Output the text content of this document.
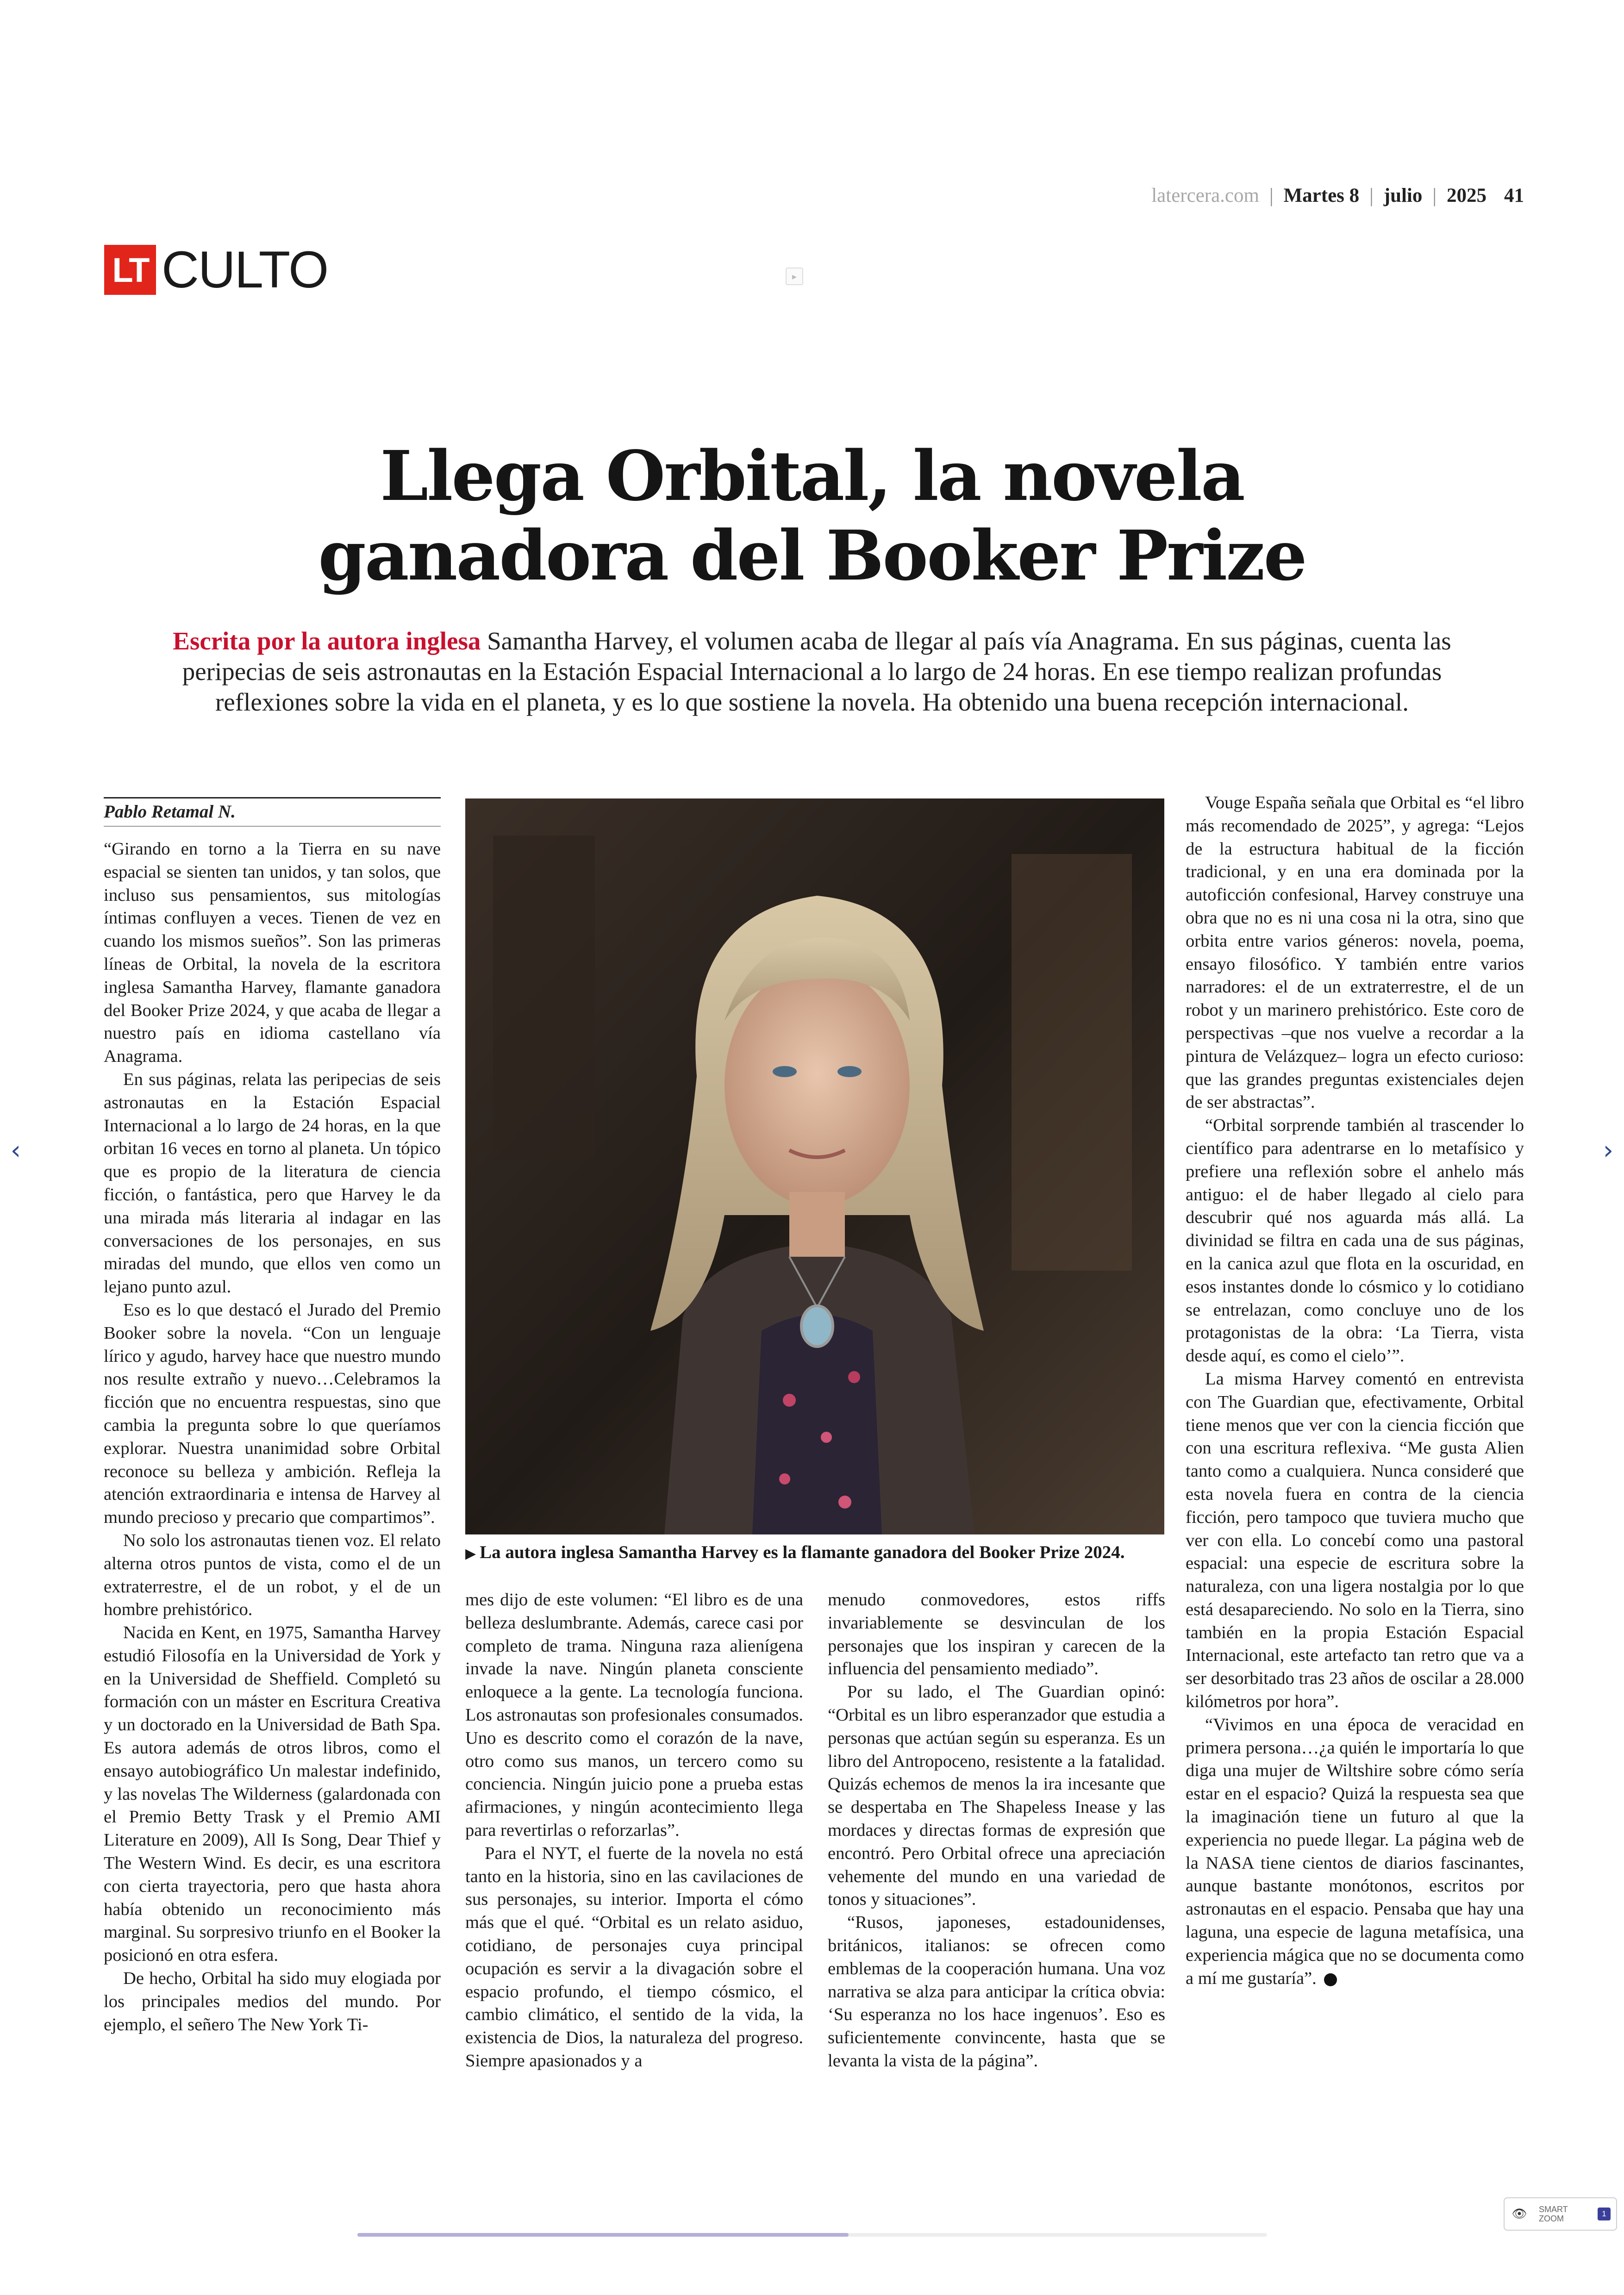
latercera.com | Martes 8 | julio | 2025 41
LT CULTO	▸
Llega Orbital, la novela
ganadora del Booker Prize
Escrita por la autora inglesa Samantha Harvey, el volumen acaba de llegar al país vía Anagrama. En sus páginas, cuenta las
peripecias de seis astronautas en la Estación Espacial Internacional a lo largo de 24 horas. En ese tiempo realizan profundas
reflexiones sobre la vida en el planeta, y es lo que sostiene la novela. Ha obtenido una buena recepción internacional.
Pablo Retamal N.

“Girando en torno a la Tierra en su nave espacial se sienten tan unidos, y tan solos, que incluso sus pensamientos, sus mitologías íntimas confluyen a veces. Tienen de vez en cuando los mismos sueños”. Son las primeras líneas de Orbital, la novela de la escritora inglesa Samantha Harvey, flamante ganadora del Booker Prize 2024, y que acaba de llegar a nuestro país en idioma castellano vía Anagrama.

En sus páginas, relata las peripecias de seis astronautas en la Estación Espacial Internacional a lo largo de 24 horas, en la que orbitan 16 veces en torno al planeta. Un tópico que es propio de la literatura de ciencia ficción, o fantástica, pero que Harvey le da una mirada más literaria al indagar en las conversaciones de los personajes, en sus miradas del mundo, que ellos ven como un lejano punto azul.

Eso es lo que destacó el Jurado del Premio Booker sobre la novela. “Con un lenguaje lírico y agudo, harvey hace que nuestro mundo nos resulte extraño y nuevo…Celebramos la ficción que no encuentra respuestas, sino que cambia la pregunta sobre lo que queríamos explorar. Nuestra unanimidad sobre Orbital reconoce su belleza y ambición. Refleja la atención extraordinaria e intensa de Harvey al mundo precioso y precario que compartimos”.

No solo los astronautas tienen voz. El relato alterna otros puntos de vista, como el de un extraterrestre, el de un robot, y el de un hombre prehistórico.

Nacida en Kent, en 1975, Samantha Harvey estudió Filosofía en la Universidad de York y en la Universidad de Sheffield. Completó su formación con un máster en Escritura Creativa y un doctorado en la Universidad de Bath Spa. Es autora además de otros libros, como el ensayo autobiográfico Un malestar indefinido, y las novelas The Wilderness (galardonada con el Premio Betty Trask y el Premio AMI Literature en 2009), All Is Song, Dear Thief y The Western Wind. Es decir, es una escritora con cierta trayectoria, pero que hasta ahora había obtenido un reconocimiento más marginal. Su sorpresivo triunfo en el Booker la posicionó en otra esfera.

De hecho, Orbital ha sido muy elogiada por los principales medios del mundo. Por ejemplo, el señero The New York Ti-

▶ La autora inglesa Samantha Harvey es la flamante ganadora del Booker Prize 2024.

mes dijo de este volumen: “El libro es de una belleza deslumbrante. Además, carece casi por completo de trama. Ninguna raza alienígena invade la nave. Ningún planeta consciente enloquece a la gente. La tecnología funciona. Los astronautas son profesionales consumados. Uno es descrito como el corazón de la nave, otro como sus manos, un tercero como su conciencia. Ningún juicio pone a prueba estas afirmaciones, y ningún acontecimiento llega para revertirlas o reforzarlas”.

Para el NYT, el fuerte de la novela no está tanto en la historia, sino en las cavilaciones de sus personajes, su interior. Importa el cómo más que el qué. “Orbital es un relato asiduo, cotidiano, de personajes cuya principal ocupación es servir a la divagación sobre el espacio profundo, el tiempo cósmico, el cambio climático, el sentido de la vida, la existencia de Dios, la naturaleza del progreso. Siempre apasionados y a

menudo conmovedores, estos riffs invariablemente se desvinculan de los personajes que los inspiran y carecen de la influencia del pensamiento mediado”.

Por su lado, el The Guardian opinó: “Orbital es un libro esperanzador que estudia a personas que actúan según su esperanza. Es un libro del Antropoceno, resistente a la fatalidad. Quizás echemos de menos la ira incesante que se despertaba en The Shapeless Inease y las mordaces y directas formas de expresión que encontró. Pero Orbital ofrece una apreciación vehemente del mundo en una variedad de tonos y situaciones”.

“Rusos, japoneses, estadounidenses, británicos, italianos: se ofrecen como emblemas de la cooperación humana. Una voz narrativa se alza para anticipar la crítica obvia: ‘Su esperanza no los hace ingenuos’. Eso es suficientemente convincente, hasta que se levanta la vista de la página”.

Vouge España señala que Orbital es “el libro más recomendado de 2025”, y agrega: “Lejos de la estructura habitual de la ficción tradicional, y en una era dominada por la autoficción confesional, Harvey construye una obra que no es ni una cosa ni la otra, sino que orbita entre varios géneros: novela, poema, ensayo filosófico. Y también entre varios narradores: el de un extraterrestre, el de un robot y un marinero prehistórico. Este coro de perspectivas –que nos vuelve a recordar a la pintura de Velázquez– logra un efecto curioso: que las grandes preguntas existenciales dejen de ser abstractas”.

“Orbital sorprende también al trascender lo científico para adentrarse en lo metafísico y prefiere una reflexión sobre el anhelo más antiguo: el de haber llegado al cielo para descubrir qué nos aguarda más allá. La divinidad se filtra en cada una de sus páginas, en la canica azul que flota en la oscuridad, en esos instantes donde lo cósmico y lo cotidiano se entrelazan, como concluye uno de los protagonistas de la obra: ‘La Tierra, vista desde aquí, es como el cielo’”.

La misma Harvey comentó en entrevista con The Guardian que, efectivamente, Orbital tiene menos que ver con la ciencia ficción que con una escritura reflexiva. “Me gusta Alien tanto como a cualquiera. Nunca consideré que esta novela fuera en contra de la ciencia ficción, pero tampoco que tuviera mucho que ver con ella. Lo concebí como una pastoral espacial: una especie de escritura sobre la naturaleza, con una ligera nostalgia por lo que está desapareciendo. No solo en la Tierra, sino también en la propia Estación Espacial Internacional, este artefacto tan retro que va a ser desorbitado tras 23 años de oscilar a 28.000 kilómetros por hora”.

“Vivimos en una época de veracidad en primera persona…¿a quién le importaría lo que diga una mujer de Wiltshire sobre cómo sería estar en el espacio? Quizá la respuesta sea que la imaginación tiene un futuro al que la experiencia no puede llegar. La página web de la NASA tiene cientos de diarios fascinantes, aunque bastante monótonos, escritos por astronautas en el espacio. Pensaba que hay una laguna, una especie de laguna metafísica, una experiencia mágica que no se documenta como a mí me gustaría”.

‹	›
👁 SMART
ZOOM
1
